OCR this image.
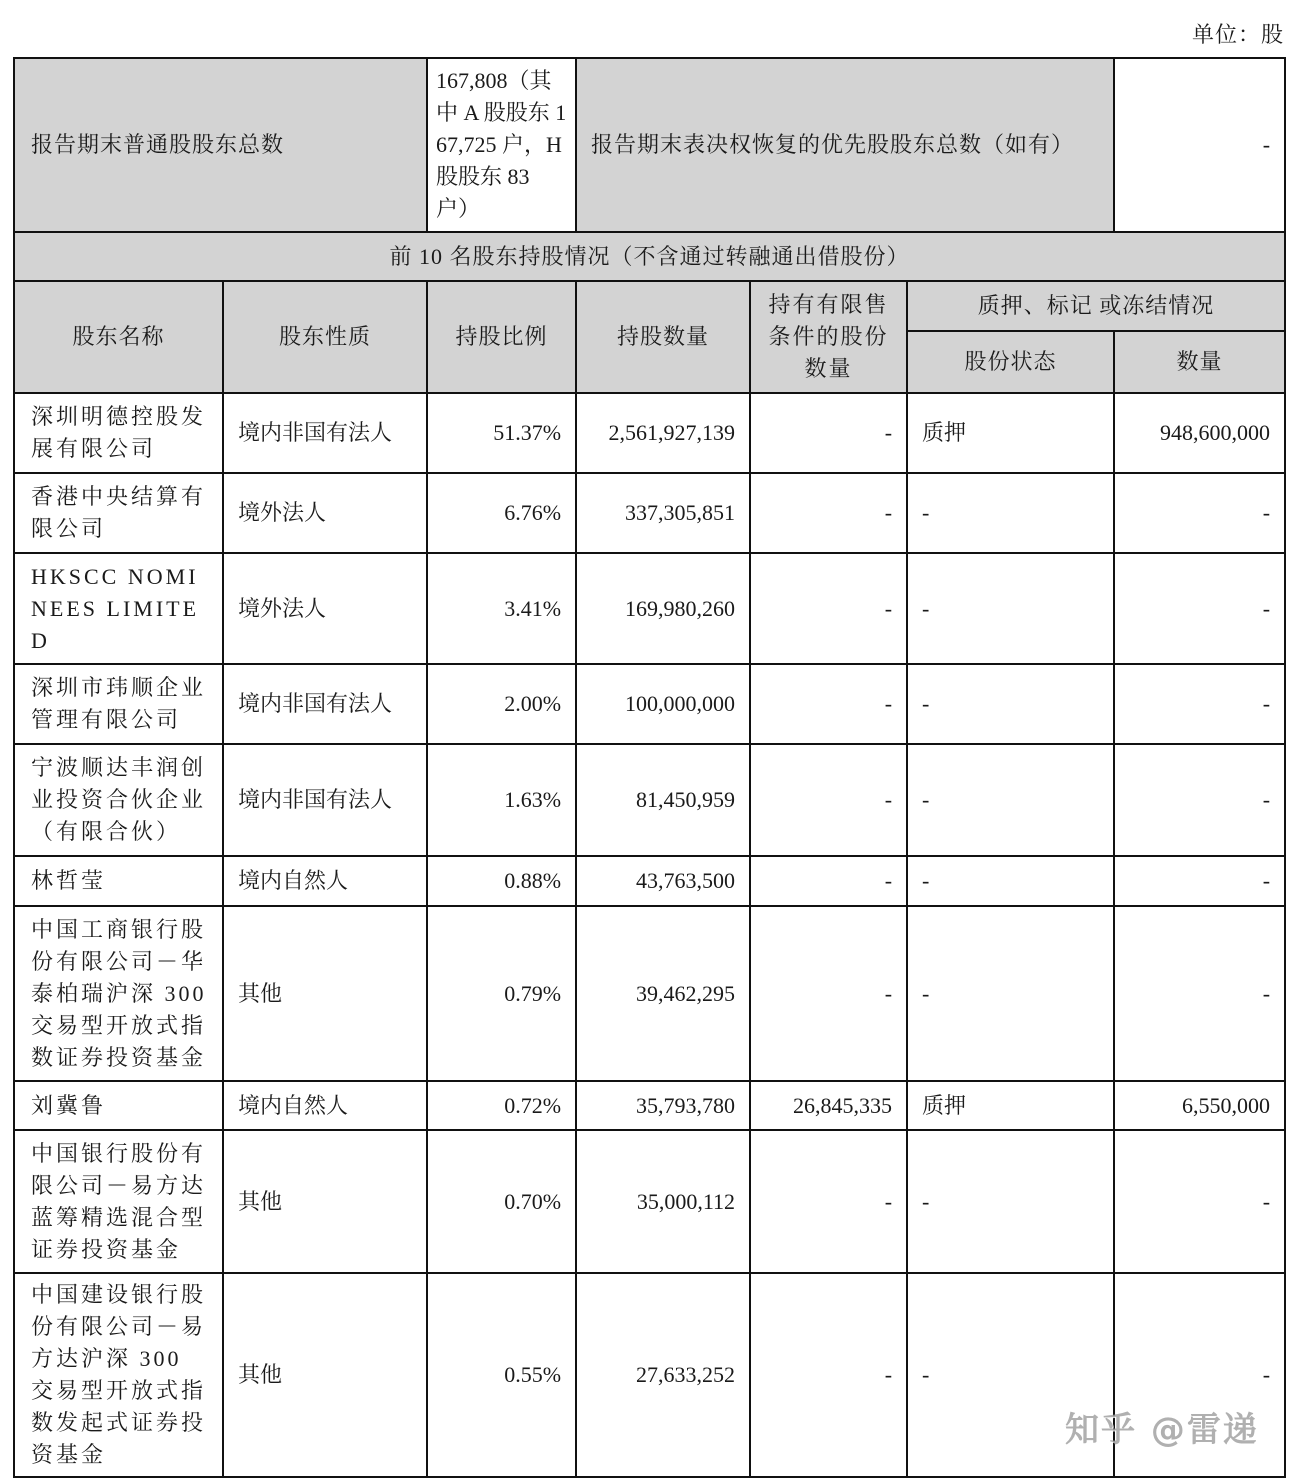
单位：股
报告期末普通股股东总数		167,808（其中 A 股股东 167,725 户，H 股股东 83 户）	报告期末表决权恢复的优先股股东总数（如有）			-
前 10 名股东持股情况（不含通过转融通出借股份）						
股东名称	股东性质	持股比例	持股数量	持有有限售条件的股份数量	质押、标记 或冻结情况	
					股份状态	数量
深圳明德控股发展有限公司	境内非国有法人	51.37%	2,561,927,139	-	质押	948,600,000
香港中央结算有限公司	境外法人	6.76%	337,305,851	-	-	-
HKSCC NOMINEES LIMITED	境外法人	3.41%	169,980,260	-	-	-
深圳市玮顺企业管理有限公司	境内非国有法人	2.00%	100,000,000	-	-	-
宁波顺达丰润创业投资合伙企业（有限合伙）	境内非国有法人	1.63%	81,450,959	-	-	-
林哲莹	境内自然人	0.88%	43,763,500	-	-	-
中国工商银行股份有限公司－华泰柏瑞沪深 300 交易型开放式指数证券投资基金	其他	0.79%	39,462,295	-	-	-
刘冀鲁	境内自然人	0.72%	35,793,780	26,845,335	质押	6,550,000
中国银行股份有限公司－易方达蓝筹精选混合型证券投资基金	其他	0.70%	35,000,112	-	-	-
中国建设银行股份有限公司－易方达沪深 300 交易型开放式指数发起式证券投资基金	其他	0.55%	27,633,252	-	-	-
知乎 @雷递
